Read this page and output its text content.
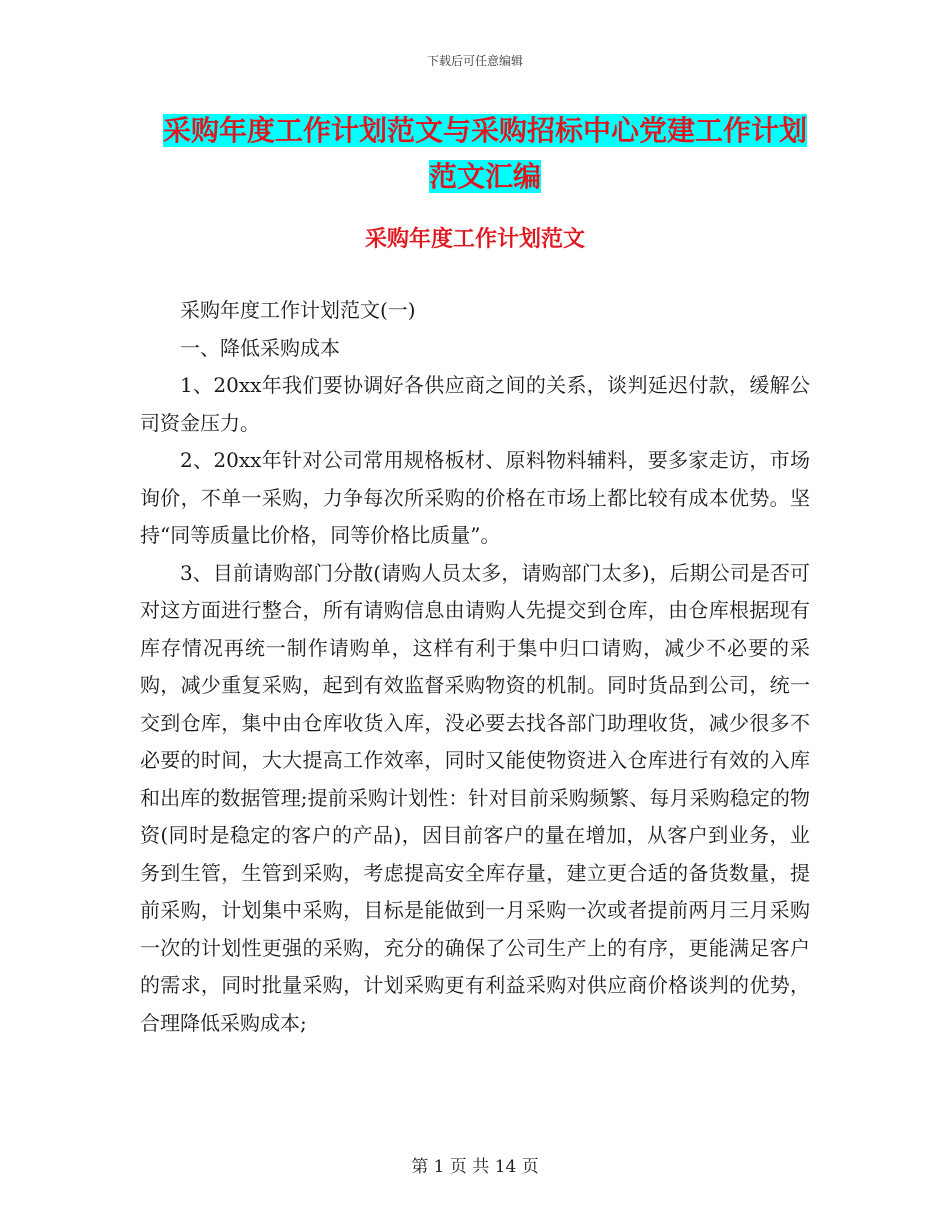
下载后可任意编辑
采购年度工作计划范文与采购招标中心党建工作计划
范文汇编
采购年度工作计划范文

采购年度工作计划范文(一)

一、降低采购成本

1、20xx年我们要协调好各供应商之间的关系，谈判延迟付款，缓解公司资金压力。

2、20xx年针对公司常用规格板材、原料物料辅料，要多家走访，市场询价，不单一采购，力争每次所采购的价格在市场上都比较有成本优势。坚持“同等质量比价格，同等价格比质量”。

3、目前请购部门分散(请购人员太多，请购部门太多)，后期公司是否可对这方面进行整合，所有请购信息由请购人先提交到仓库，由仓库根据现有库存情况再统一制作请购单，这样有利于集中归口请购，减少不必要的采购，减少重复采购，起到有效监督采购物资的机制。同时货品到公司，统一交到仓库，集中由仓库收货入库，没必要去找各部门助理收货，减少很多不必要的时间，大大提高工作效率，同时又能使物资进入仓库进行有效的入库和出库的数据管理;提前采购计划性：针对目前采购频繁、每月采购稳定的物资(同时是稳定的客户的产品)，因目前客户的量在增加，从客户到业务，业务到生管，生管到采购，考虑提高安全库存量，建立更合适的备货数量，提前采购，计划集中采购，目标是能做到一月采购一次或者提前两月三月采购一次的计划性更强的采购，充分的确保了公司生产上的有序，更能满足客户的需求，同时批量采购，计划采购更有利益采购对供应商价格谈判的优势，合理降低采购成本;

第 1 页 共 14 页
